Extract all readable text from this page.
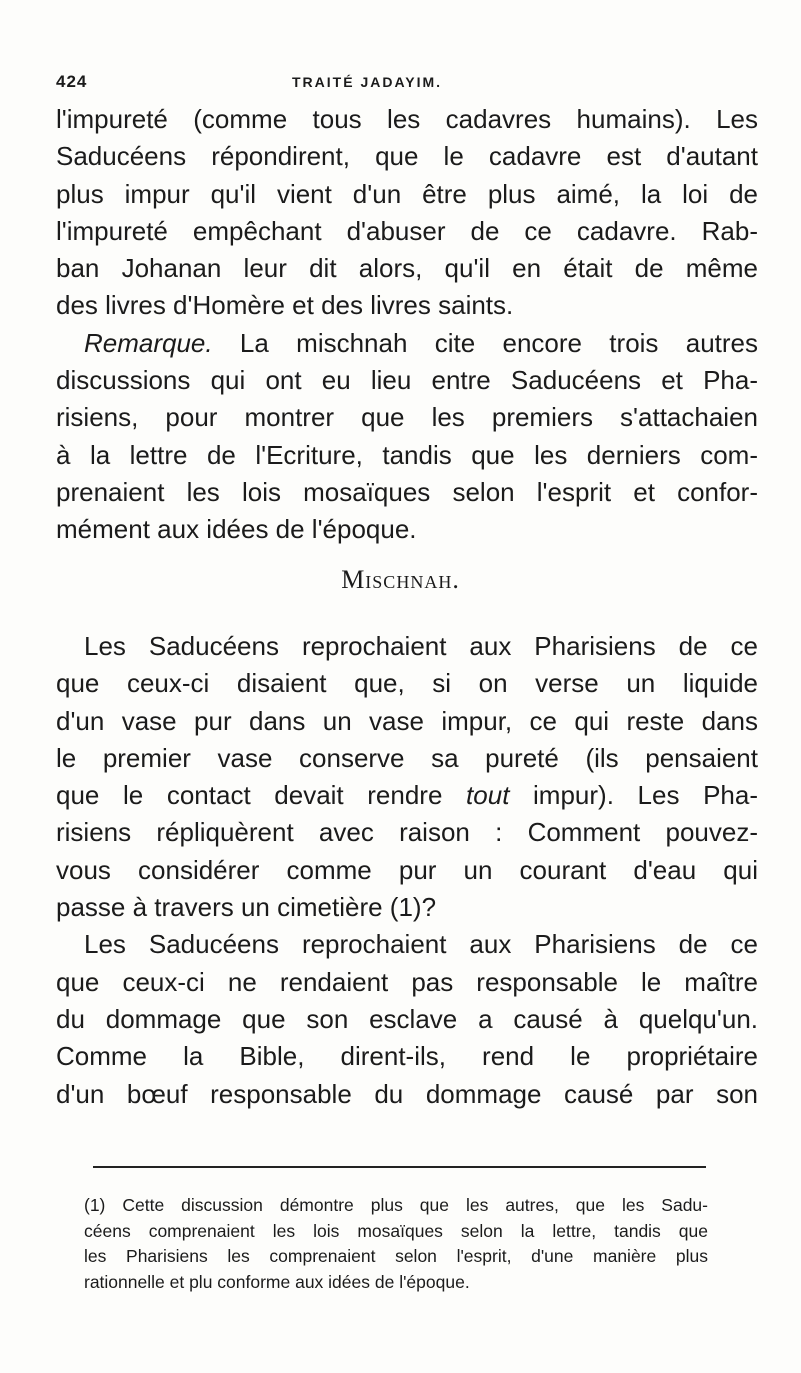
424	TRAITÉ JADAYIM.
l'impureté (comme tous les cadavres humains). Les
Saducéens répondirent, que le cadavre est d'autant
plus impur qu'il vient d'un être plus aimé, la loi de
l'impureté empêchant d'abuser de ce cadavre. Rab-
ban Johanan leur dit alors, qu'il en était de même
des livres d'Homère et des livres saints.
Remarque. La mischnah cite encore trois autres
discussions qui ont eu lieu entre Saducéens et Pha-
risiens, pour montrer que les premiers s'attachaien
à la lettre de l'Ecriture, tandis que les derniers com-
prenaient les lois mosaïques selon l'esprit et confor-
mément aux idées de l'époque.
Mischnah.
Les Saducéens reprochaient aux Pharisiens de ce
que ceux-ci disaient que, si on verse un liquide
d'un vase pur dans un vase impur, ce qui reste dans
le premier vase conserve sa pureté (ils pensaient
que le contact devait rendre tout impur). Les Pha-
risiens répliquèrent avec raison : Comment pouvez-
vous considérer comme pur un courant d'eau qui
passe à travers un cimetière (1)?
Les Saducéens reprochaient aux Pharisiens de ce
que ceux-ci ne rendaient pas responsable le maître
du dommage que son esclave a causé à quelqu'un.
Comme la Bible, dirent-ils, rend le propriétaire
d'un bœuf responsable du dommage causé par son
(1) Cette discussion démontre plus que les autres, que les Sadu-
céens comprenaient les lois mosaïques selon la lettre, tandis que
les Pharisiens les comprenaient selon l'esprit, d'une manière plus
rationnelle et plu conforme aux idées de l'époque.
